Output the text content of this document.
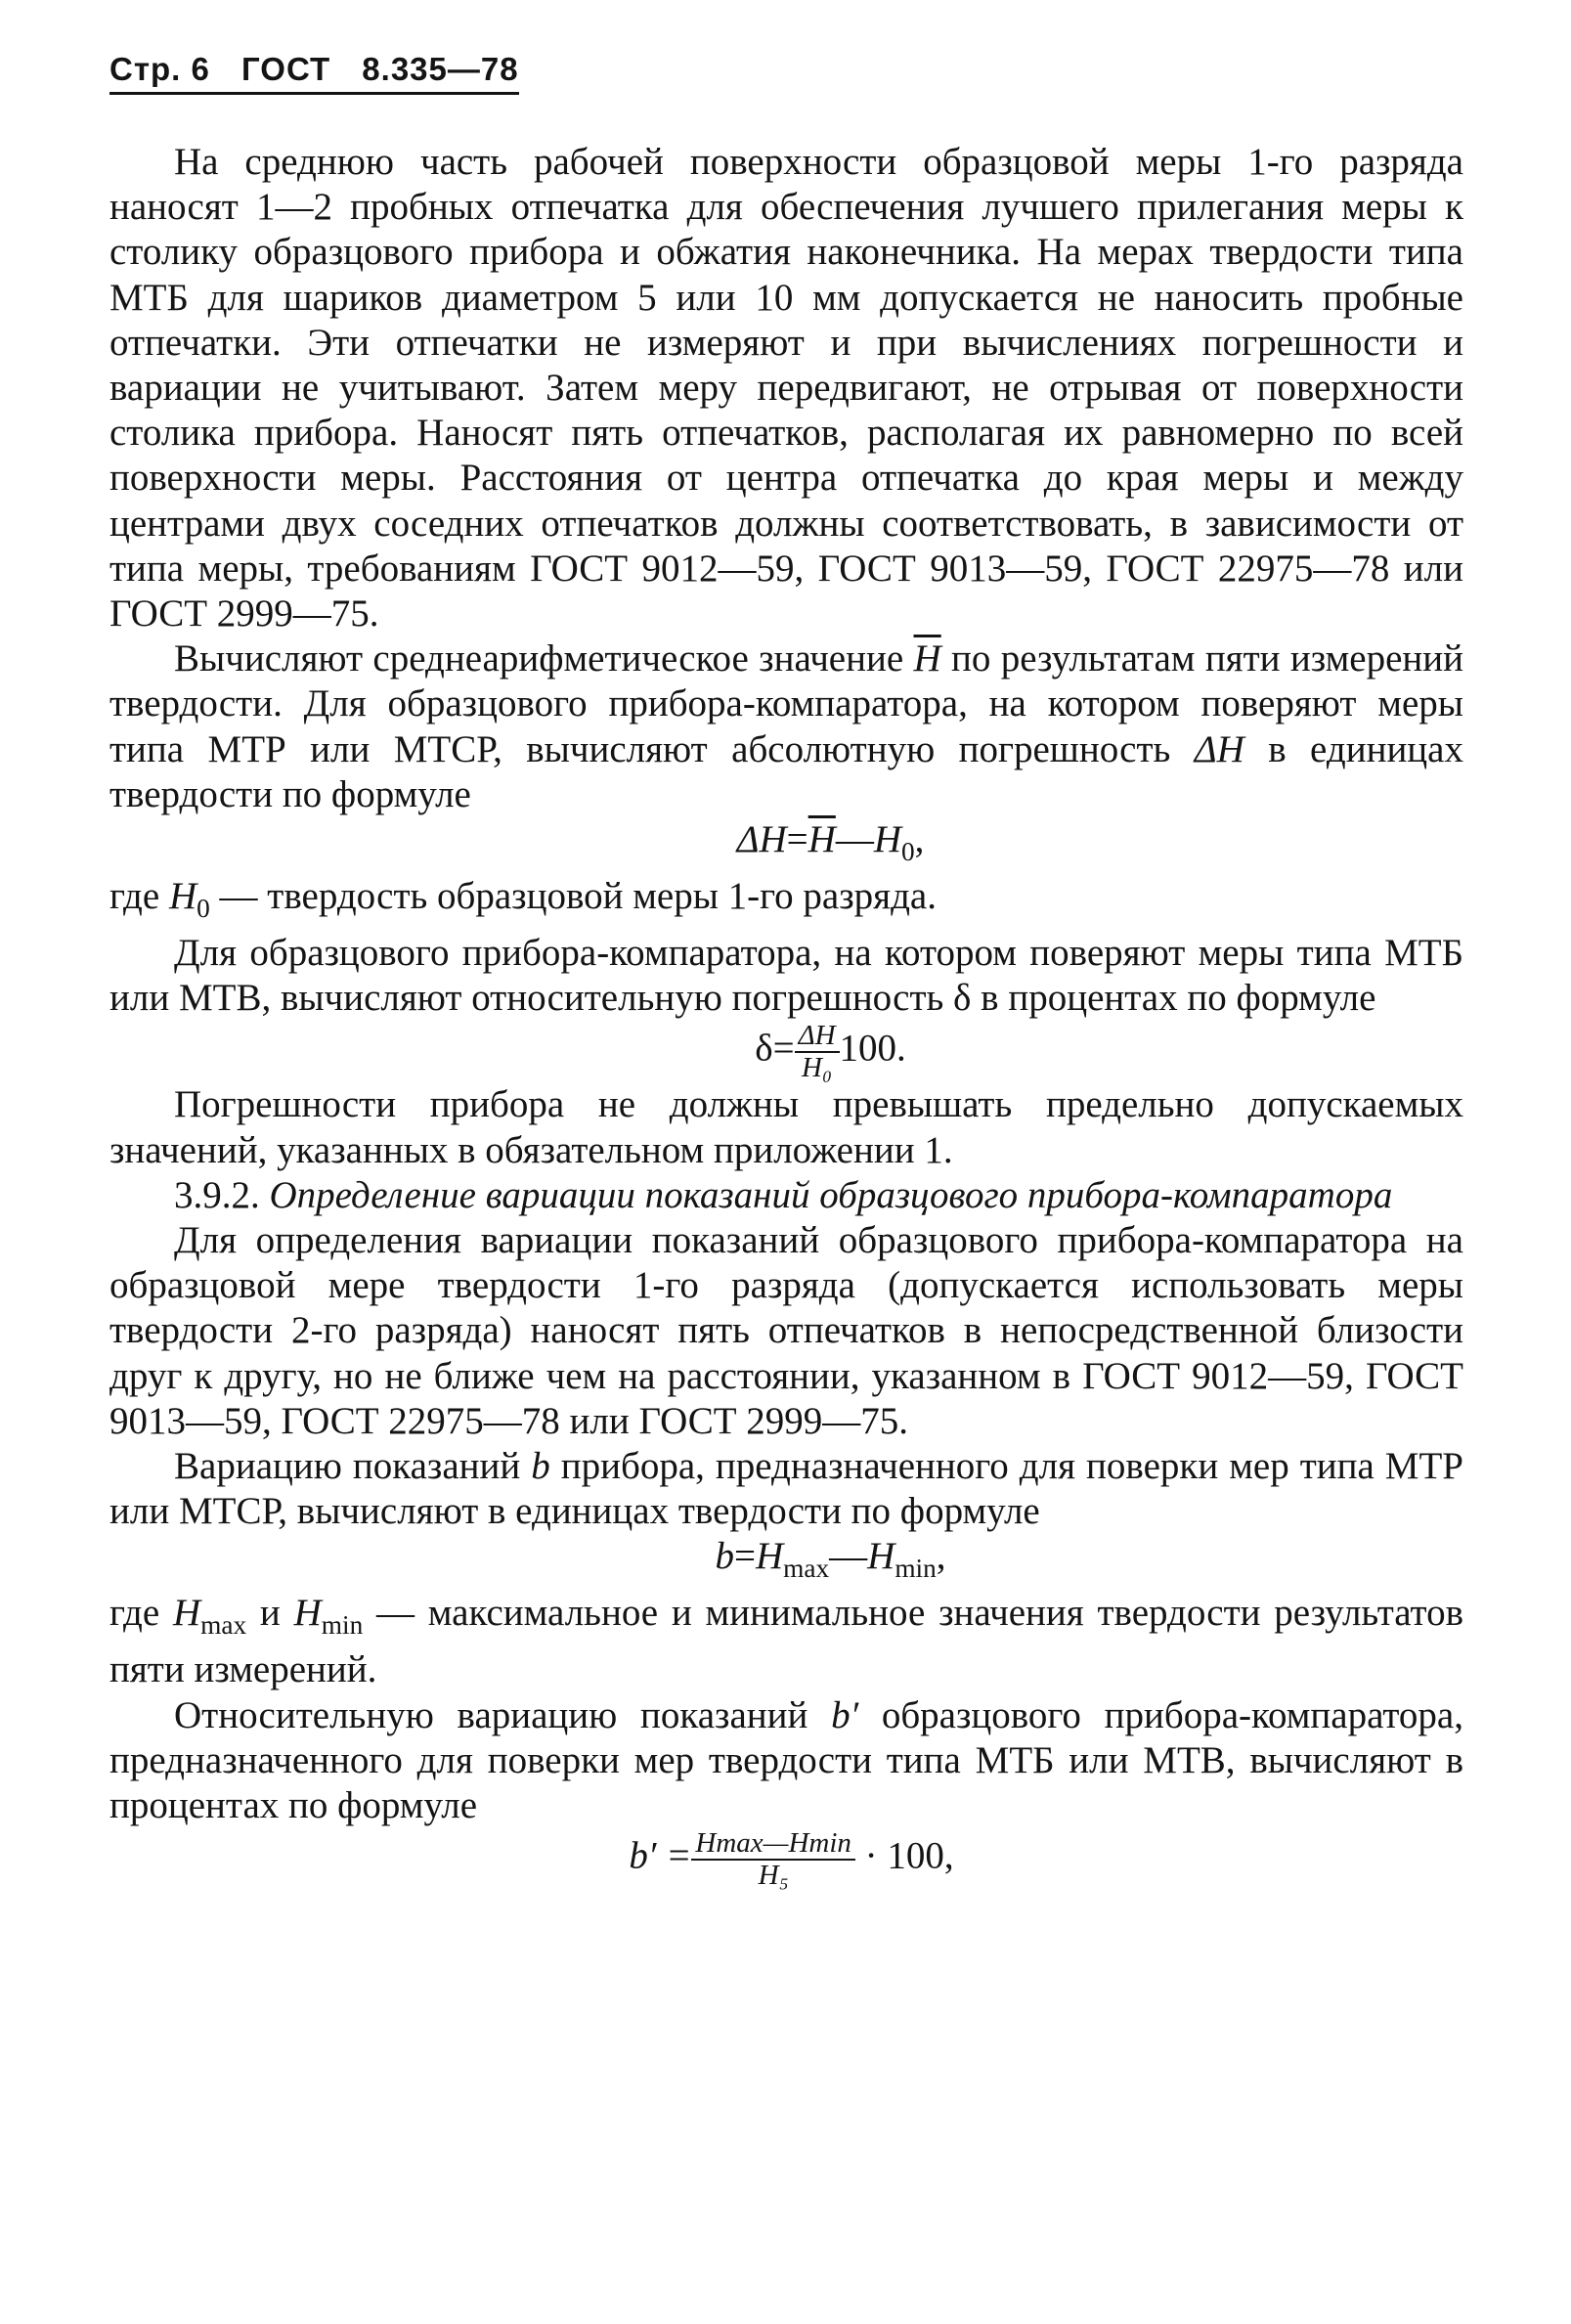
Стр. 6 ГОСТ 8.335—78

На среднюю часть рабочей поверхности образцовой меры 1-го разряда наносят 1—2 пробных отпечатка для обеспечения лучшего прилегания меры к столику образцового прибора и обжатия наконечника. На мерах твердости типа МТБ для шариков диаметром 5 или 10 мм допускается не наносить пробные отпечатки. Эти отпечатки не измеряют и при вычислениях погрешности и вариации не учитывают. Затем меру передвигают, не отрывая от поверхности столика прибора. Наносят пять отпечатков, располагая их равномерно по всей поверхности меры. Расстояния от центра отпечатка до края меры и между центрами двух соседних отпечатков должны соответствовать, в зависимости от типа меры, требованиям ГОСТ 9012—59, ГОСТ 9013—59, ГОСТ 22975—78 или ГОСТ 2999—75.

Вычисляют среднеарифметическое значение $\overline{H}$ по результатам пяти измерений твердости. Для образцового прибора-компаратора, на котором поверяют меры типа МТР или МТСР, вычисляют абсолютную погрешность ΔH в единицах твердости по формуле

$\Delta H=\overline{H}—H_0$,

где $H_0$ — твердость образцовой меры 1-го разряда.

Для образцового прибора-компаратора, на котором поверяют меры типа МТБ или МТВ, вычисляют относительную погрешность δ в процентах по формуле

$\delta= \frac{\Delta H}{\text{H₀}} 100$.

Погрешности прибора не должны превышать предельно допускаемых значений, указанных в обязательном приложении 1.

3.9.2. Определение вариации показаний образцового прибора-компаратора

Для определения вариации показаний образцового прибора-компаратора на образцовой мере твердости 1-го разряда (допускается использовать меры твердости 2-го разряда) наносят пять отпечатков в непосредственной близости друг к другу, но не ближе чем на расстоянии, указанном в ГОСТ 9012—59, ГОСТ 9013—59, ГОСТ 22975—78 или ГОСТ 2999—75.

Вариацию показаний b прибора, предназначенного для поверки мер типа МТР или МТСР, вычисляют в единицах твердости по формуле

$b=H_{max}—H_{min}$,

где $H_{max}$ и $H_{min}$ — максимальное и минимальное значения твердости результатов пяти измерений.

Относительную вариацию показаний b′ образцового прибора-компаратора, предназначенного для поверки мер твердости типа МТБ или МТВ, вычисляют в процентах по формуле

$b' = \frac{Hmax—Hmin}{\text{H₅}} \cdot 100$,
